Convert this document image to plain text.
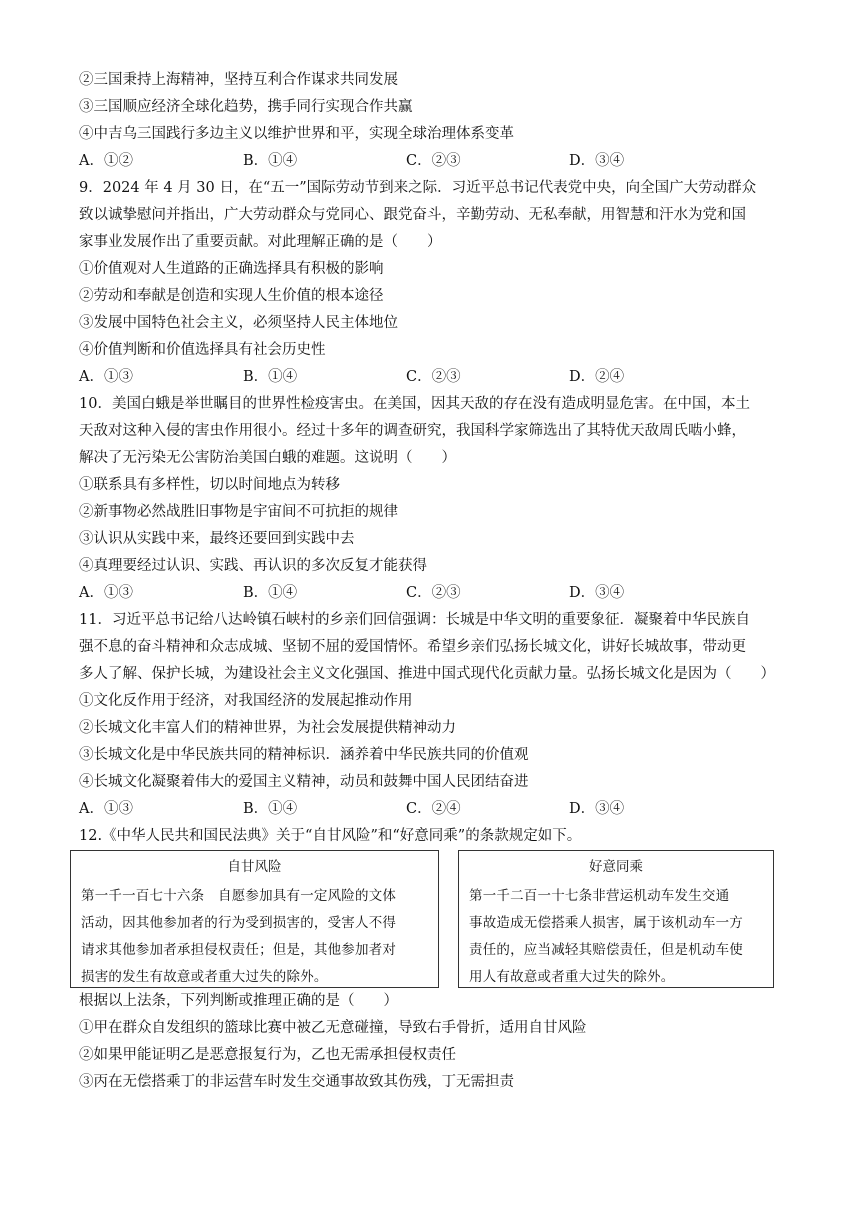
②三国秉持上海精神，坚持互利合作谋求共同发展
③三国顺应经济全球化趋势，携手同行实现合作共赢
④中吉乌三国践行多边主义以维护世界和平，实现全球治理体系变革
A．①②	B．①④	C．②③	D．③④
9．2024 年 4 月 30 日，在“五一”国际劳动节到来之际．习近平总书记代表党中央，向全国广大劳动群众
致以诚挚慰问并指出，广大劳动群众与党同心、跟党奋斗，辛勤劳动、无私奉献，用智慧和汗水为党和国
家事业发展作出了重要贡献。对此理解正确的是（　　）
①价值观对人生道路的正确选择具有积极的影响
②劳动和奉献是创造和实现人生价值的根本途径
③发展中国特色社会主义，必须坚持人民主体地位
④价值判断和价值选择具有社会历史性
A．①③	B．①④	C．②③	D．②④
10．美国白蛾是举世瞩目的世界性检疫害虫。在美国，因其天敌的存在没有造成明显危害。在中国，本土
天敌对这种入侵的害虫作用很小。经过十多年的调查研究，我国科学家筛选出了其特优天敌周氏啮小蜂，
解决了无污染无公害防治美国白蛾的难题。这说明（　　）
①联系具有多样性，切以时间地点为转移
②新事物必然战胜旧事物是宇宙间不可抗拒的规律
③认识从实践中来，最终还要回到实践中去
④真理要经过认识、实践、再认识的多次反复才能获得
A．①③	B．①④	C．②③	D．③④
11．习近平总书记给八达岭镇石峡村的乡亲们回信强调：长城是中华文明的重要象征．凝聚着中华民族自
强不息的奋斗精神和众志成城、坚韧不屈的爱国情怀。希望乡亲们弘扬长城文化，讲好长城故事，带动更
多人了解、保护长城，为建设社会主义文化强国、推进中国式现代化贡献力量。弘扬长城文化是因为（　　）
①文化反作用于经济，对我国经济的发展起推动作用
②长城文化丰富人们的精神世界，为社会发展提供精神动力
③长城文化是中华民族共同的精神标识．涵养着中华民族共同的价值观
④长城文化凝聚着伟大的爱国主义精神，动员和鼓舞中国人民团结奋进
A．①③	B．①④	C．②④	D．③④
12.《中华人民共和国民法典》关于“自甘风险”和“好意同乘”的条款规定如下。
自甘风险
第一千一百七十六条　自愿参加具有一定风险的文体
活动，因其他参加者的行为受到损害的，受害人不得
请求其他参加者承担侵权责任；但是，其他参加者对
损害的发生有故意或者重大过失的除外。
好意同乘
第一千二百一十七条非营运机动车发生交通
事故造成无偿搭乘人损害，属于该机动车一方
责任的，应当减轻其赔偿责任，但是机动车使
用人有故意或者重大过失的除外。
根据以上法条，下列判断或推理正确的是（　　）
①甲在群众自发组织的篮球比赛中被乙无意碰撞，导致右手骨折，适用自甘风险
②如果甲能证明乙是恶意报复行为，乙也无需承担侵权责任
③丙在无偿搭乘丁的非运营车时发生交通事故致其伤残，丁无需担责
